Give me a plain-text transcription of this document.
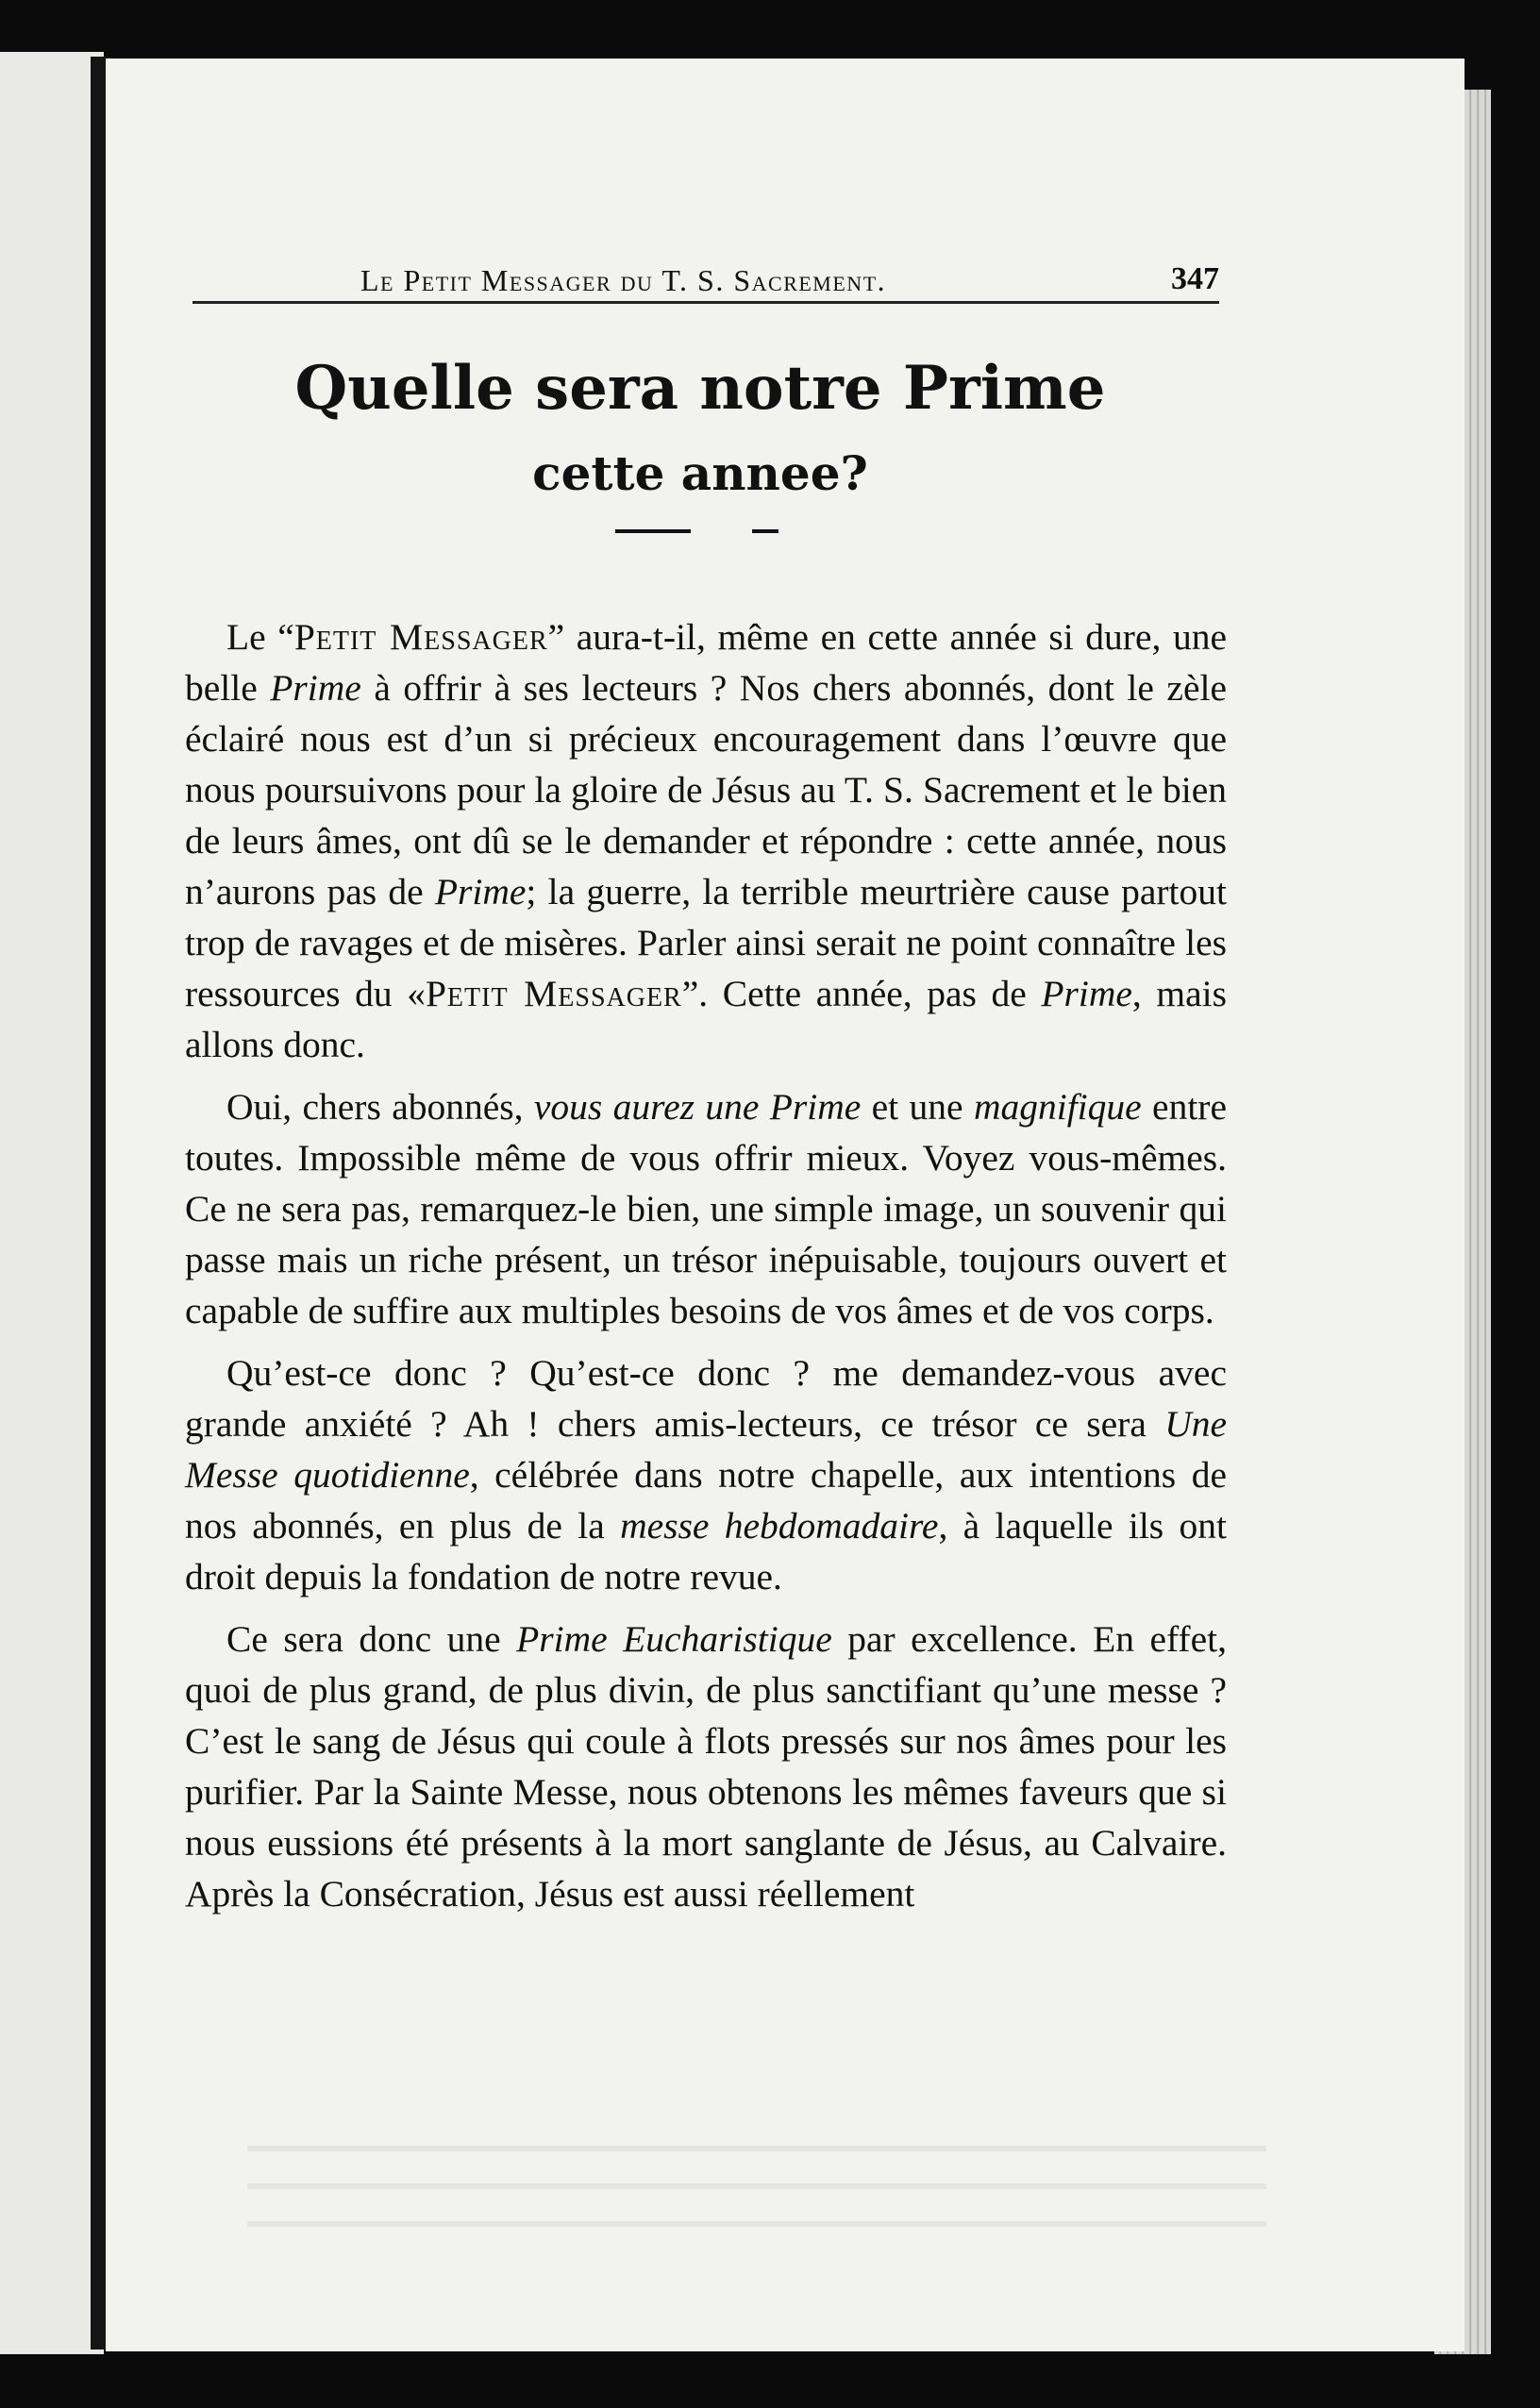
Le Petit Messager du T. S. Sacrement.	347
Quelle sera notre Prime
cette annee?

Le “Petit Messager” aura-t-il, même en cette année si dure, une belle Prime à offrir à ses lecteurs ? Nos chers abonnés, dont le zèle éclairé nous est d’un si précieux encouragement dans l’œuvre que nous poursuivons pour la gloire de Jésus au T. S. Sacrement et le bien de leurs âmes, ont dû se le demander et répondre : cette année, nous n’aurons pas de Prime; la guerre, la terrible meurtrière cause partout trop de ravages et de misères. Parler ainsi serait ne point connaître les ressources du «Petit Messager”. Cette année, pas de Prime, mais allons donc.

Oui, chers abonnés, vous aurez une Prime et une magnifique entre toutes. Impossible même de vous offrir mieux. Voyez vous-mêmes. Ce ne sera pas, remarquez-le bien, une simple image, un souvenir qui passe mais un riche présent, un trésor inépuisable, toujours ouvert et capable de suffire aux multiples besoins de vos âmes et de vos corps.

Qu’est-ce donc ? Qu’est-ce donc ? me demandez-vous avec grande anxiété ? Ah ! chers amis-lecteurs, ce trésor ce sera Une Messe quotidienne, célébrée dans notre chapelle, aux intentions de nos abonnés, en plus de la messe hebdomadaire, à laquelle ils ont droit depuis la fondation de notre revue.

Ce sera donc une Prime Eucharistique par excellence. En effet, quoi de plus grand, de plus divin, de plus sanctifiant qu’une messe ? C’est le sang de Jésus qui coule à flots pressés sur nos âmes pour les purifier. Par la Sainte Messe, nous obtenons les mêmes faveurs que si nous eussions été présents à la mort sanglante de Jésus, au Calvaire. Après la Consécration, Jésus est aussi réellement
